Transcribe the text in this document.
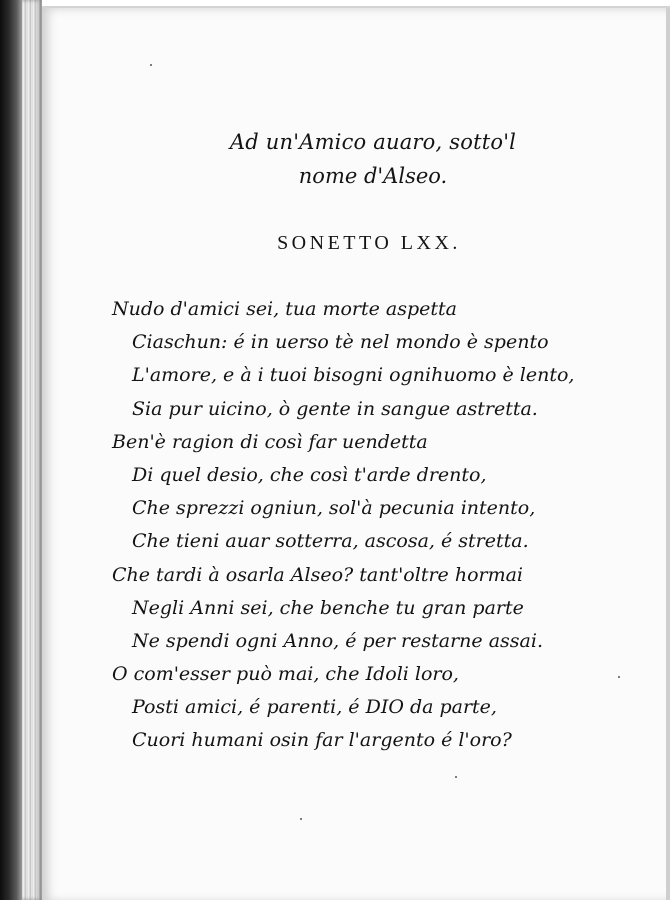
Ad un'Amico auaro, sotto'l
nome d'Alseo.
SONETTO LXX.
Nudo d'amici sei, tua morte aspetta
Ciaschun: é in uerso tè nel mondo è spento
L'amore, e à i tuoi bisogni ognihuomo è lento,
Sia pur uicino, ò gente in sangue astretta.
Ben'è ragion di così far uendetta
Di quel desio, che così t'arde drento,
Che sprezzi ogniun, sol'à pecunia intento,
Che tieni auar sotterra, ascosa, é stretta.
Che tardi à osarla Alseo? tant'oltre hormai
Negli Anni sei, che benche tu gran parte
Ne spendi ogni Anno, é per restarne assai.
O com'esser può mai, che Idoli loro,
Posti amici, é parenti, é DIO da parte,
Cuori humani osin far l'argento é l'oro?
